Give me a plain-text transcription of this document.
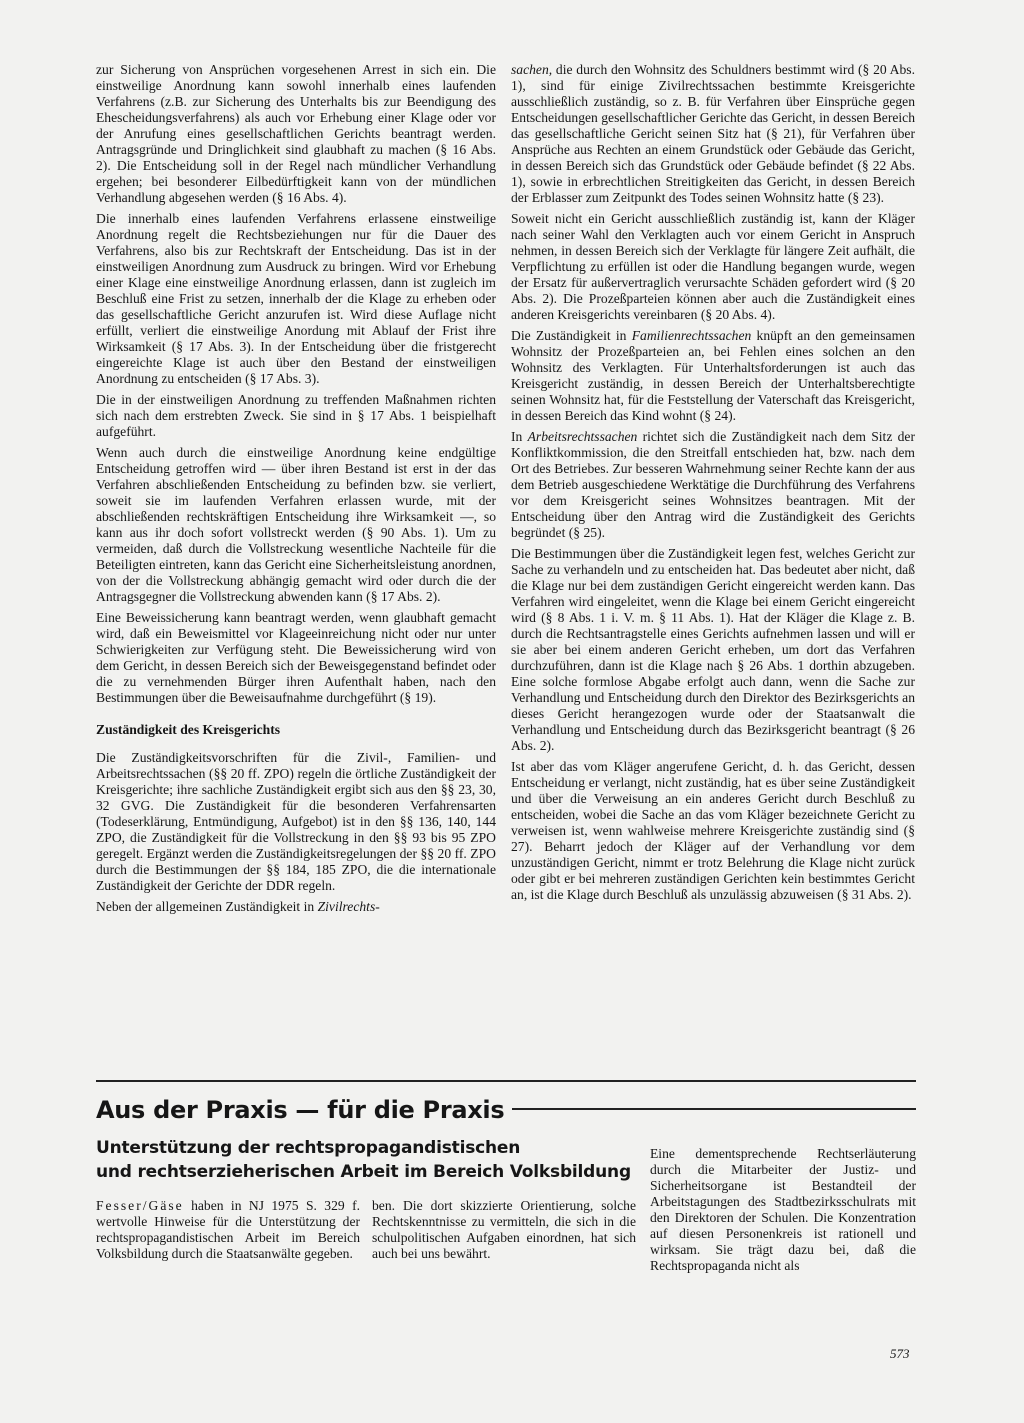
zur Sicherung von Ansprüchen vorgesehenen Arrest in sich ein. Die einstweilige Anordnung kann sowohl innerhalb eines laufenden Verfahrens (z.B. zur Sicherung des Unterhalts bis zur Beendigung des Ehescheidungsverfahrens) als auch vor Erhebung einer Klage oder vor der Anrufung eines gesellschaftlichen Gerichts beantragt werden. Antragsgründe und Dringlichkeit sind glaubhaft zu machen (§ 16 Abs. 2). Die Entscheidung soll in der Regel nach mündlicher Verhandlung ergehen; bei besonderer Eilbedürftigkeit kann von der mündlichen Verhandlung abgesehen werden (§ 16 Abs. 4).

Die innerhalb eines laufenden Verfahrens erlassene einstweilige Anordnung regelt die Rechtsbeziehungen nur für die Dauer des Verfahrens, also bis zur Rechtskraft der Entscheidung. Das ist in der einstweiligen Anordnung zum Ausdruck zu bringen. Wird vor Erhebung einer Klage eine einstweilige Anordnung erlassen, dann ist zugleich im Beschluß eine Frist zu setzen, innerhalb der die Klage zu erheben oder das gesellschaftliche Gericht anzurufen ist. Wird diese Auflage nicht erfüllt, verliert die einstweilige Anordung mit Ablauf der Frist ihre Wirksamkeit (§ 17 Abs. 3). In der Entscheidung über die fristgerecht eingereichte Klage ist auch über den Bestand der einstweiligen Anordnung zu entscheiden (§ 17 Abs. 3).

Die in der einstweiligen Anordnung zu treffenden Maßnahmen richten sich nach dem erstrebten Zweck. Sie sind in § 17 Abs. 1 beispielhaft aufgeführt.

Wenn auch durch die einstweilige Anordnung keine endgültige Entscheidung getroffen wird — über ihren Bestand ist erst in der das Verfahren abschließenden Entscheidung zu befinden bzw. sie verliert, soweit sie im laufenden Verfahren erlassen wurde, mit der abschließenden rechtskräftigen Entscheidung ihre Wirksamkeit —, so kann aus ihr doch sofort vollstreckt werden (§ 90 Abs. 1). Um zu vermeiden, daß durch die Vollstreckung wesentliche Nachteile für die Beteiligten eintreten, kann das Gericht eine Sicherheitsleistung anordnen, von der die Vollstreckung abhängig gemacht wird oder durch die der Antragsgegner die Vollstreckung abwenden kann (§ 17 Abs. 2).

Eine Beweissicherung kann beantragt werden, wenn glaubhaft gemacht wird, daß ein Beweismittel vor Klageeinreichung nicht oder nur unter Schwierigkeiten zur Verfügung steht. Die Beweissicherung wird von dem Gericht, in dessen Bereich sich der Beweisgegenstand befindet oder die zu vernehmenden Bürger ihren Aufenthalt haben, nach den Bestimmungen über die Beweisaufnahme durchgeführt (§ 19).

Zuständigkeit des Kreisgerichts

Die Zuständigkeitsvorschriften für die Zivil-, Familien- und Arbeitsrechtssachen (§§ 20 ff. ZPO) regeln die örtliche Zuständigkeit der Kreisgerichte; ihre sachliche Zuständigkeit ergibt sich aus den §§ 23, 30, 32 GVG. Die Zuständigkeit für die besonderen Verfahrensarten (Todeserklärung, Entmündigung, Aufgebot) ist in den §§ 136, 140, 144 ZPO, die Zuständigkeit für die Vollstreckung in den §§ 93 bis 95 ZPO geregelt. Ergänzt werden die Zuständigkeitsregelungen der §§ 20 ff. ZPO durch die Bestimmungen der §§ 184, 185 ZPO, die die internationale Zuständigkeit der Gerichte der DDR regeln.

Neben der allgemeinen Zuständigkeit in Zivilrechts-

sachen, die durch den Wohnsitz des Schuldners bestimmt wird (§ 20 Abs. 1), sind für einige Zivilrechtssachen bestimmte Kreisgerichte ausschließlich zuständig, so z. B. für Verfahren über Einsprüche gegen Entscheidungen gesellschaftlicher Gerichte das Gericht, in dessen Bereich das gesellschaftliche Gericht seinen Sitz hat (§ 21), für Verfahren über Ansprüche aus Rechten an einem Grundstück oder Gebäude das Gericht, in dessen Bereich sich das Grundstück oder Gebäude befindet (§ 22 Abs. 1), sowie in erbrechtlichen Streitigkeiten das Gericht, in dessen Bereich der Erblasser zum Zeitpunkt des Todes seinen Wohnsitz hatte (§ 23).

Soweit nicht ein Gericht ausschließlich zuständig ist, kann der Kläger nach seiner Wahl den Verklagten auch vor einem Gericht in Anspruch nehmen, in dessen Bereich sich der Verklagte für längere Zeit aufhält, die Verpflichtung zu erfüllen ist oder die Handlung begangen wurde, wegen der Ersatz für außervertraglich verursachte Schäden gefordert wird (§ 20 Abs. 2). Die Prozeßparteien können aber auch die Zuständigkeit eines anderen Kreisgerichts vereinbaren (§ 20 Abs. 4).

Die Zuständigkeit in Familienrechtssachen knüpft an den gemeinsamen Wohnsitz der Prozeßparteien an, bei Fehlen eines solchen an den Wohnsitz des Verklagten. Für Unterhaltsforderungen ist auch das Kreisgericht zuständig, in dessen Bereich der Unterhaltsberechtigte seinen Wohnsitz hat, für die Feststellung der Vaterschaft das Kreisgericht, in dessen Bereich das Kind wohnt (§ 24).

In Arbeitsrechtssachen richtet sich die Zuständigkeit nach dem Sitz der Konfliktkommission, die den Streitfall entschieden hat, bzw. nach dem Ort des Betriebes. Zur besseren Wahrnehmung seiner Rechte kann der aus dem Betrieb ausgeschiedene Werktätige die Durchführung des Verfahrens vor dem Kreisgericht seines Wohnsitzes beantragen. Mit der Entscheidung über den Antrag wird die Zuständigkeit des Gerichts begründet (§ 25).

Die Bestimmungen über die Zuständigkeit legen fest, welches Gericht zur Sache zu verhandeln und zu entscheiden hat. Das bedeutet aber nicht, daß die Klage nur bei dem zuständigen Gericht eingereicht werden kann. Das Verfahren wird eingeleitet, wenn die Klage bei einem Gericht eingereicht wird (§ 8 Abs. 1 i. V. m. § 11 Abs. 1). Hat der Kläger die Klage z. B. durch die Rechtsantragstelle eines Gerichts aufnehmen lassen und will er sie aber bei einem anderen Gericht erheben, um dort das Verfahren durchzuführen, dann ist die Klage nach § 26 Abs. 1 dorthin abzugeben. Eine solche formlose Abgabe erfolgt auch dann, wenn die Sache zur Verhandlung und Entscheidung durch den Direktor des Bezirksgerichts an dieses Gericht herangezogen wurde oder der Staatsanwalt die Verhandlung und Entscheidung durch das Bezirksgericht beantragt (§ 26 Abs. 2).

Ist aber das vom Kläger angerufene Gericht, d. h. das Gericht, dessen Entscheidung er verlangt, nicht zuständig, hat es über seine Zuständigkeit und über die Verweisung an ein anderes Gericht durch Beschluß zu entscheiden, wobei die Sache an das vom Kläger bezeichnete Gericht zu verweisen ist, wenn wahlweise mehrere Kreisgerichte zuständig sind (§ 27). Beharrt jedoch der Kläger auf der Verhandlung vor dem unzuständigen Gericht, nimmt er trotz Belehrung die Klage nicht zurück oder gibt er bei mehreren zuständigen Gerichten kein bestimmtes Gericht an, ist die Klage durch Beschluß als unzulässig abzuweisen (§ 31 Abs. 2).

Aus der Praxis — für die Praxis
Unterstützung der rechtspropagandistischen
und rechtserzieherischen Arbeit im Bereich Volksbildung

Fesser/Gäse haben in NJ 1975 S. 329 f. wertvolle Hinweise für die Unterstützung der rechtspropagandistischen Arbeit im Bereich Volksbildung durch die Staatsanwälte gegeben.

ben. Die dort skizzierte Orientierung, solche Rechtskenntnisse zu vermitteln, die sich in die schulpolitischen Aufgaben einordnen, hat sich auch bei uns bewährt.

Eine dementsprechende Rechtserläuterung durch die Mitarbeiter der Justiz- und Sicherheitsorgane ist Bestandteil der Arbeitstagungen des Stadtbezirksschulrats mit den Direktoren der Schulen. Die Konzentration auf diesen Personenkreis ist rationell und wirksam. Sie trägt dazu bei, daß die Rechtspropaganda nicht als

573
